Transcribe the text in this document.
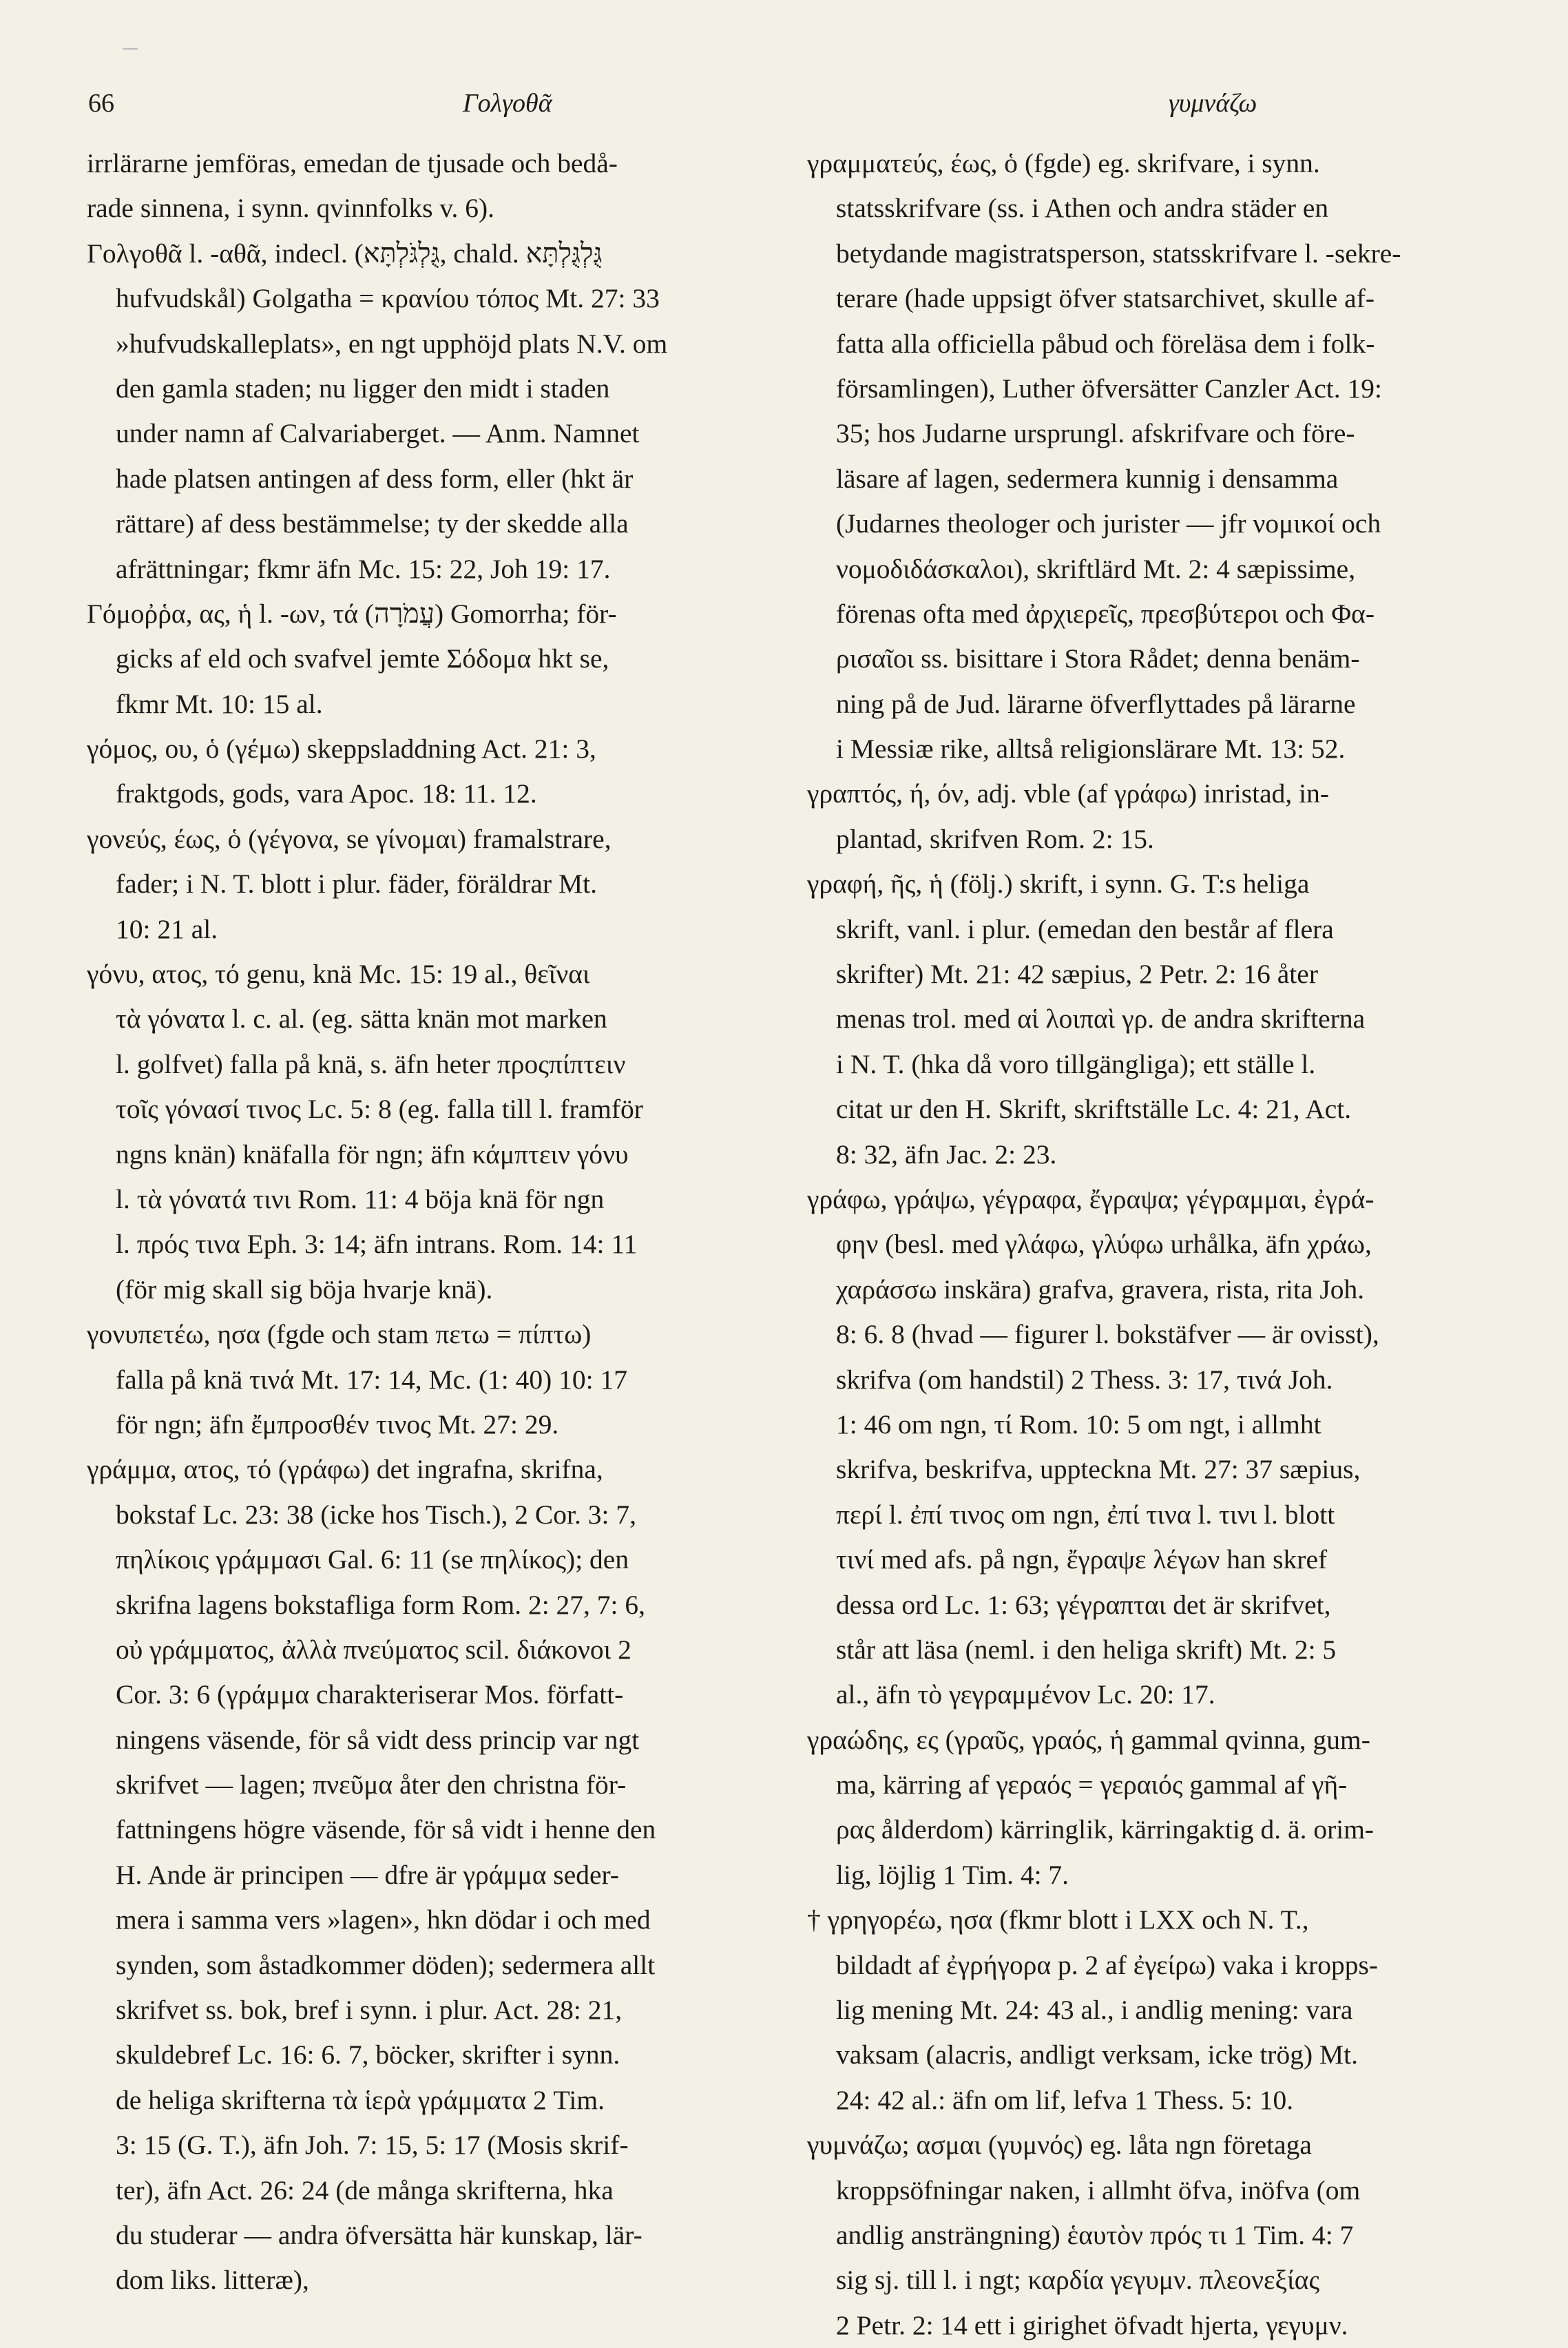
66	Γολγοθᾶ	γυμνάζω
irrlärarne jemföras, emedan de tjusade och bedå-
rade sinnena, i synn. qvinnfolks v. 6).
Γολγοθᾶ l. -αθᾶ, indecl. (גֻּלְגֹּלְתָּא, chald. גֻּלְגֻּלְתָּא
hufvudskål) Golgatha = κρανίου τόπος Mt. 27: 33
»hufvudskalleplats», en ngt upphöjd plats N.V. om
den gamla staden; nu ligger den midt i staden
under namn af Calvariaberget. — Anm. Namnet
hade platsen antingen af dess form, eller (hkt är
rättare) af dess bestämmelse; ty der skedde alla
afrättningar; fkmr äfn Mc. 15: 22, Joh 19: 17.
Γόμοῤῥα, ας, ἡ l. -ων, τά (עֲמֹרָה) Gomorrha; för-
gicks af eld och svafvel jemte Σόδομα hkt se,
fkmr Mt. 10: 15 al.
γόμος, ου, ὁ (γέμω) skeppsladdning Act. 21: 3,
fraktgods, gods, vara Apoc. 18: 11. 12.
γονεύς, έως, ὁ (γέγονα, se γίνομαι) framalstrare,
fader; i N. T. blott i plur. fäder, föräldrar Mt.
10: 21 al.
γόνυ, ατος, τό genu, knä Mc. 15: 19 al., θεῖναι
τὰ γόνατα l. c. al. (eg. sätta knän mot marken
l. golfvet) falla på knä, s. äfn heter προςπίπτειν
τοῖς γόνασί τινος Lc. 5: 8 (eg. falla till l. framför
ngns knän) knäfalla för ngn; äfn κάμπτειν γόνυ
l. τὰ γόνατά τινι Rom. 11: 4 böja knä för ngn
l. πρός τινα Eph. 3: 14; äfn intrans. Rom. 14: 11
(för mig skall sig böja hvarje knä).
γονυπετέω, ησα (fgde och stam πετω = πίπτω)
falla på knä τινά Mt. 17: 14, Mc. (1: 40) 10: 17
för ngn; äfn ἔμπροσθέν τινος Mt. 27: 29.
γράμμα, ατος, τό (γράφω) det ingrafna, skrifna,
bokstaf Lc. 23: 38 (icke hos Tisch.), 2 Cor. 3: 7,
πηλίκοις γράμμασι Gal. 6: 11 (se πηλίκος); den
skrifna lagens bokstafliga form Rom. 2: 27, 7: 6,
οὐ γράμματος, ἀλλὰ πνεύματος scil. διάκονοι 2
Cor. 3: 6 (γράμμα charakteriserar Mos. författ-
ningens väsende, för så vidt dess princip var ngt
skrifvet — lagen; πνεῦμα åter den christna för-
fattningens högre väsende, för så vidt i henne den
H. Ande är principen — dfre är γράμμα seder-
mera i samma vers »lagen», hkn dödar i och med
synden, som åstadkommer döden); sedermera allt
skrifvet ss. bok, bref i synn. i plur. Act. 28: 21,
skuldebref Lc. 16: 6. 7, böcker, skrifter i synn.
de heliga skrifterna τὰ ἱερὰ γράμματα 2 Tim.
3: 15 (G. T.), äfn Joh. 7: 15, 5: 17 (Mosis skrif-
ter), äfn Act. 26: 24 (de många skrifterna, hka
du studerar — andra öfversätta här kunskap, lär-
dom liks. litteræ),
γραμματεύς, έως, ὁ (fgde) eg. skrifvare, i synn.
statsskrifvare (ss. i Athen och andra städer en
betydande magistratsperson, statsskrifvare l. -sekre-
terare (hade uppsigt öfver statsarchivet, skulle af-
fatta alla officiella påbud och föreläsa dem i folk-
församlingen), Luther öfversätter Canzler Act. 19:
35; hos Judarne ursprungl. afskrifvare och före-
läsare af lagen, sedermera kunnig i densamma
(Judarnes theologer och jurister — jfr νομικοί och
νομοδιδάσκαλοι), skriftlärd Mt. 2: 4 sæpissime,
förenas ofta med ἀρχιερεῖς, πρεσβύτεροι och Φα-
ρισαῖοι ss. bisittare i Stora Rådet; denna benäm-
ning på de Jud. lärarne öfverflyttades på lärarne
i Messiæ rike, alltså religionslärare Mt. 13: 52.
γραπτός, ή, όν, adj. vble (af γράφω) inristad, in-
plantad, skrifven Rom. 2: 15.
γραφή, ῆς, ἡ (följ.) skrift, i synn. G. T:s heliga
skrift, vanl. i plur. (emedan den består af flera
skrifter) Mt. 21: 42 sæpius, 2 Petr. 2: 16 åter
menas trol. med αἱ λοιπαὶ γρ. de andra skrifterna
i N. T. (hka då voro tillgängliga); ett ställe l.
citat ur den H. Skrift, skriftställe Lc. 4: 21, Act.
8: 32, äfn Jac. 2: 23.
γράφω, γράψω, γέγραφα, ἔγραψα; γέγραμμαι, ἐγρά-
φην (besl. med γλάφω, γλύφω urhålka, äfn χράω,
χαράσσω inskära) grafva, gravera, rista, rita Joh.
8: 6. 8 (hvad — figurer l. bokstäfver — är ovisst),
skrifva (om handstil) 2 Thess. 3: 17, τινά Joh.
1: 46 om ngn, τί Rom. 10: 5 om ngt, i allmht
skrifva, beskrifva, uppteckna Mt. 27: 37 sæpius,
περί l. ἐπί τινος om ngn, ἐπί τινα l. τινι l. blott
τινί med afs. på ngn, ἔγραψε λέγων han skref
dessa ord Lc. 1: 63; γέγραπται det är skrifvet,
står att läsa (neml. i den heliga skrift) Mt. 2: 5
al., äfn τὸ γεγραμμένον Lc. 20: 17.
γραώδης, ες (γραῦς, γραός, ἡ gammal qvinna, gum-
ma, kärring af γεραός = γεραιός gammal af γῆ-
ρας ålderdom) kärringlik, kärringaktig d. ä. orim-
lig, löjlig 1 Tim. 4: 7.
† γρηγορέω, ησα (fkmr blott i LXX och N. T.,
bildadt af ἐγρήγορα p. 2 af ἐγείρω) vaka i kropps-
lig mening Mt. 24: 43 al., i andlig mening: vara
vaksam (alacris, andligt verksam, icke trög) Mt.
24: 42 al.: äfn om lif, lefva 1 Thess. 5: 10.
γυμνάζω; ασμαι (γυμνός) eg. låta ngn företaga
kroppsöfningar naken, i allmht öfva, inöfva (om
andlig ansträngning) ἑαυτὸν πρός τι 1 Tim. 4: 7
sig sj. till l. i ngt; καρδία γεγυμν. πλεονεξίας
2 Petr. 2: 14 ett i girighet öfvadt hjerta, γεγυμν.
